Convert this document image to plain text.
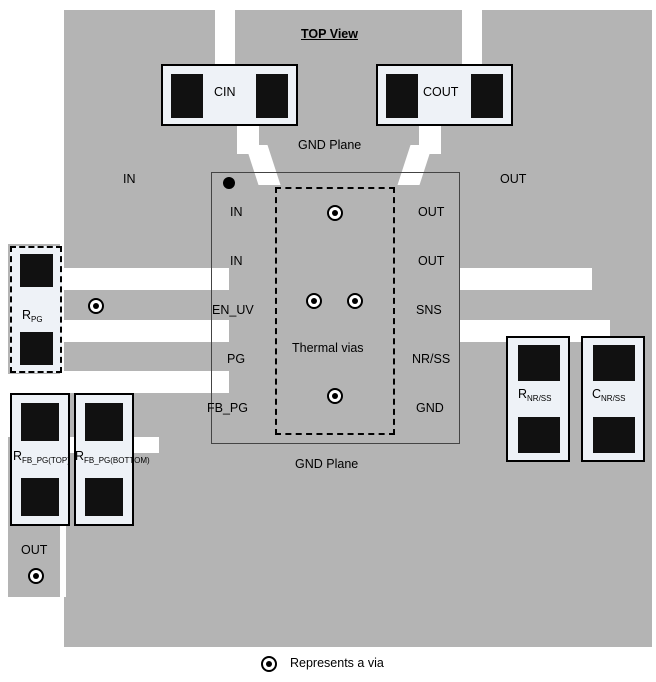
TOP View
CIN	COUT
GND Plane
GND Plane
IN	OUT
Thermal vias
IN
IN
EN_UV
PG
FB_PG
OUT
OUT
SNS
NR/SS
GND
$R_{PG}$
$R_{FB\_PG(TOP)}$ $R_{FB\_PG(BOTTOM)}$
OUT
$R_{NR/SS}$	$C_{NR/SS}$
Represents a via
